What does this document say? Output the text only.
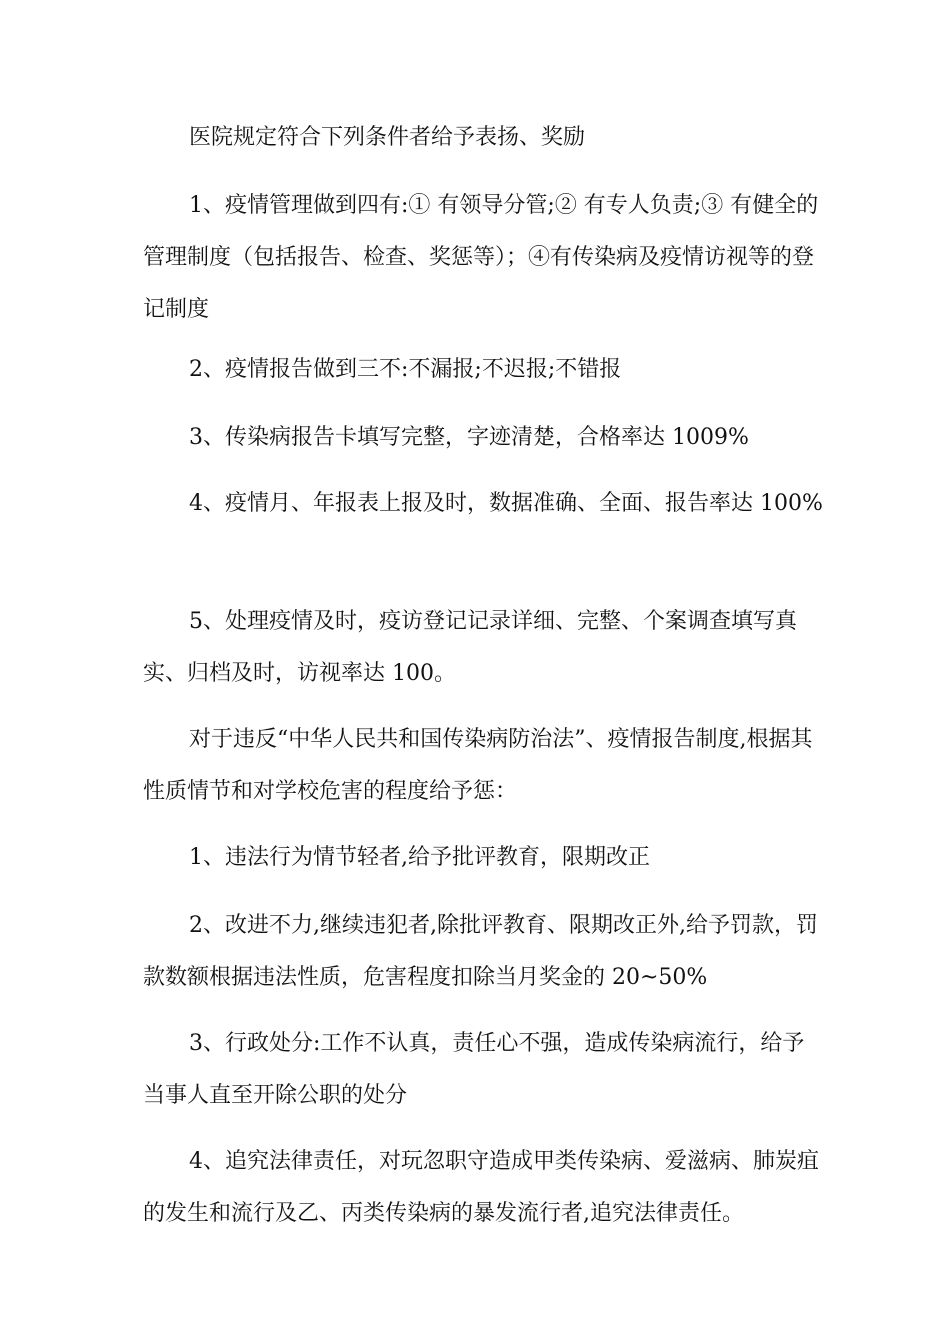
医院规定符合下列条件者给予表扬、奖励

1、疫情管理做到四有:① 有领导分管;② 有专人负责;③ 有健全的管理制度（包括报告、检查、奖惩等）；④有传染病及疫情访视等的登记制度

2、疫情报告做到三不:不漏报;不迟报;不错报

3、传染病报告卡填写完整，字迹清楚，合格率达 1009%

4、疫情月、年报表上报及时，数据准确、全面、报告率达 100%

5、处理疫情及时，疫访登记记录详细、完整、个案调查填写真实、归档及时，访视率达 100。

对于违反“中华人民共和国传染病防治法”、疫情报告制度,根据其性质情节和对学校危害的程度给予惩：

1、违法行为情节轻者,给予批评教育，限期改正

2、改进不力,继续违犯者,除批评教育、限期改正外,给予罚款，罚款数额根据违法性质，危害程度扣除当月奖金的 20~50%

3、行政处分:工作不认真，责任心不强，造成传染病流行，给予当事人直至开除公职的处分

4、追究法律责任，对玩忽职守造成甲类传染病、爱滋病、肺炭疽的发生和流行及乙、丙类传染病的暴发流行者,追究法律责任。
